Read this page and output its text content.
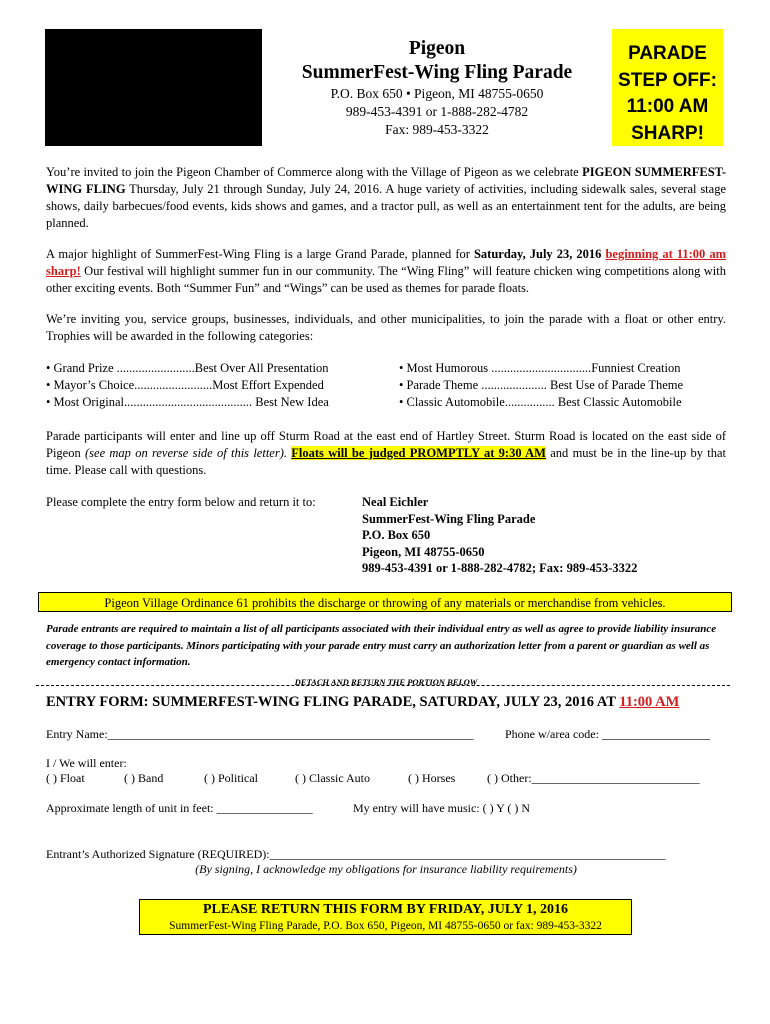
Pigeon
SummerFest-Wing Fling Parade
P.O. Box 650 • Pigeon, MI 48755-0650
989-453-4391 or 1-888-282-4782
Fax: 989-453-3322
PARADE
STEP OFF:
11:00 AM
SHARP!

You’re invited to join the Pigeon Chamber of Commerce along with the Village of Pigeon as we celebrate PIGEON SUMMERFEST-WING FLING Thursday, July 21 through Sunday, July 24, 2016. A huge variety of activities, including sidewalk sales, several stage shows, daily barbecues/food events, kids shows and games, and a tractor pull, as well as an entertainment tent for the adults, are being planned.

A major highlight of SummerFest-Wing Fling is a large Grand Parade, planned for Saturday, July 23, 2016 beginning at 11:00 am sharp! Our festival will highlight summer fun in our community. The “Wing Fling” will feature chicken wing competitions along with other exciting events. Both “Summer Fun” and “Wings” can be used as themes for parade floats.

We’re inviting you, service groups, businesses, individuals, and other municipalities, to join the parade with a float or other entry. Trophies will be awarded in the following categories:

• Grand Prize .........................Best Over All Presentation
• Mayor’s Choice.........................Most Effort Expended
• Most Original......................................... Best New Idea
• Most Humorous ................................Funniest Creation
• Parade Theme ..................... Best Use of Parade Theme
• Classic Automobile................ Best Classic Automobile

Parade participants will enter and line up off Sturm Road at the east end of Hartley Street. Sturm Road is located on the east side of Pigeon (see map on reverse side of this letter). Floats will be judged PROMPTLY at 9:30 AM and must be in the line-up by that time. Please call with questions.

Please complete the entry form below and return it to:	Neal Eichler
SummerFest-Wing Fling Parade
P.O. Box 650
Pigeon, MI 48755-0650
989-453-4391 or 1-888-282-4782; Fax: 989-453-3322
Pigeon Village Ordinance 61 prohibits the discharge or throwing of any materials or merchandise from vehicles.
Parade entrants are required to maintain a list of all participants associated with their individual entry as well as agree to provide liability insurance coverage to those participants. Minors participating with your parade entry must carry an authorization letter from a parent or guardian as well as emergency contact information.
DETACH AND RETURN THE PORTION BELOW
ENTRY FORM: SUMMERFEST-WING FLING PARADE, SATURDAY, JULY 23, 2016 AT 11:00 AM
Entry Name:_____________________________________________________________	Phone w/area code: __________________
I / We will enter:
( ) Float	( ) Band	( ) Political	( ) Classic Auto	( ) Horses	( ) Other:____________________________
Approximate length of unit in feet: ________________	My entry will have music: ( ) Y ( ) N
Entrant’s Authorized Signature (REQUIRED):__________________________________________________________________
(By signing, I acknowledge my obligations for insurance liability requirements)
PLEASE RETURN THIS FORM BY FRIDAY, JULY 1, 2016
SummerFest-Wing Fling Parade, P.O. Box 650, Pigeon, MI 48755-0650 or fax: 989-453-3322
